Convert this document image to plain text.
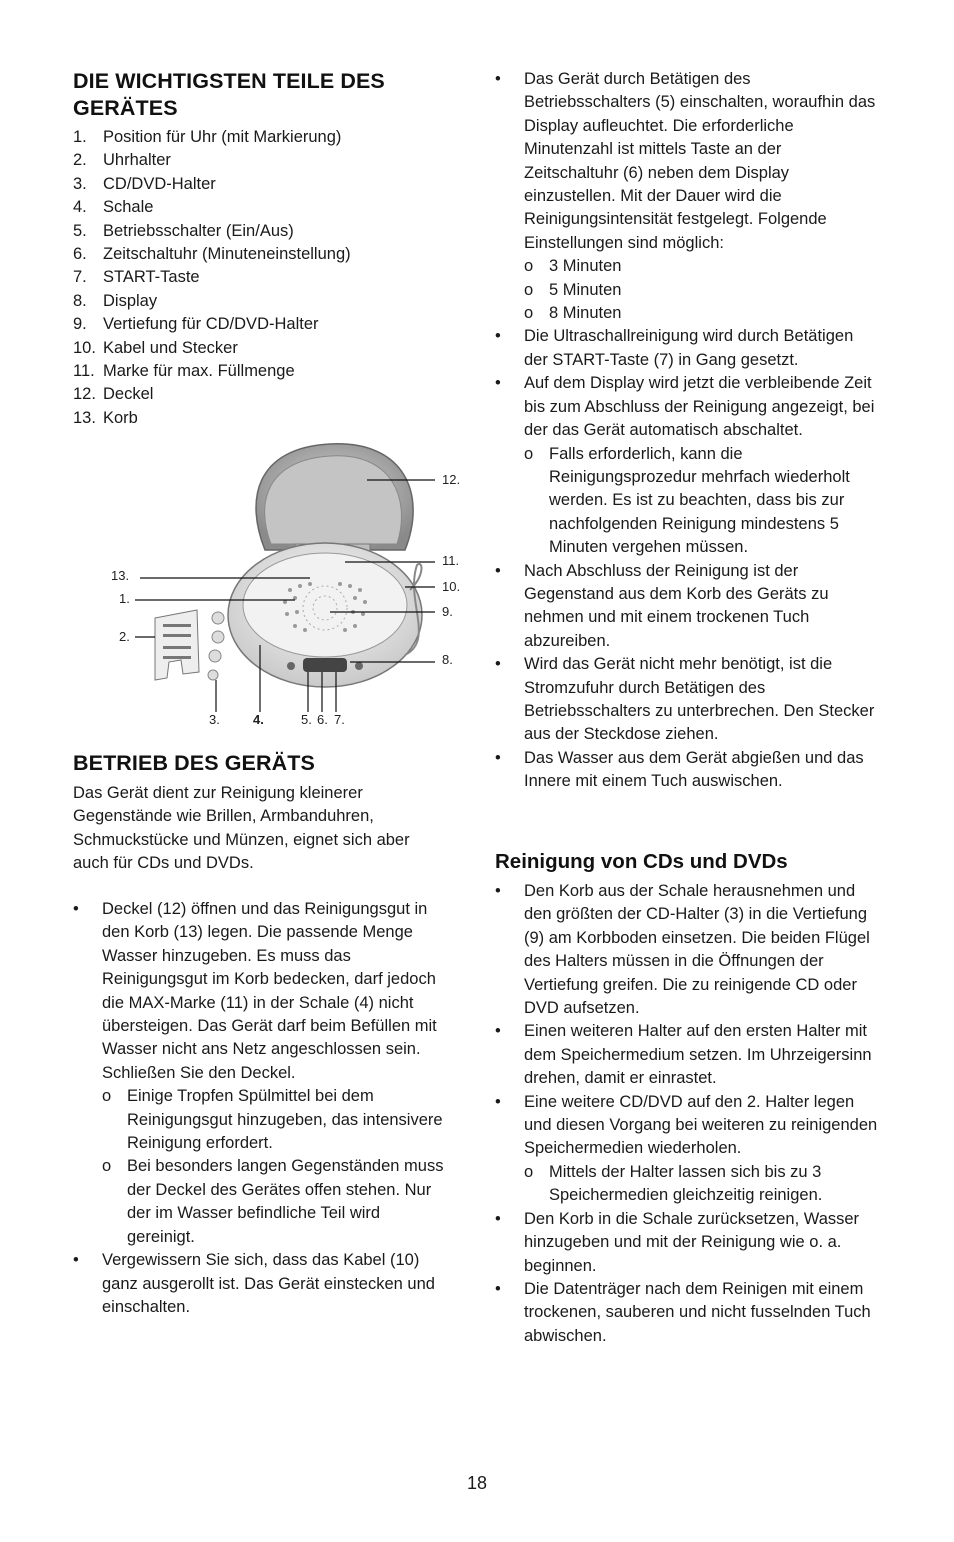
DIE WICHTIGSTEN TEILE DES GERÄTES
1. Position für Uhr (mit Markierung)
2. Uhrhalter
3. CD/DVD-Halter
4. Schale
5. Betriebsschalter (Ein/Aus)
6. Zeitschaltuhr (Minuteneinstellung)
7. START-Taste
8. Display
9. Vertiefung für CD/DVD-Halter
10. Kabel und Stecker
11. Marke für max. Füllmenge
12. Deckel
13. Korb
BETRIEB DES GERÄTS

Das Gerät dient zur Reinigung kleinerer Gegenstände wie Brillen, Armbanduhren, Schmuckstücke und Münzen, eignet sich aber auch für CDs und DVDs.

•	Deckel (12) öffnen und das Reinigungsgut in den Korb (13) legen. Die passende Menge Wasser hinzugeben. Es muss das Reinigungsgut im Korb bedecken, darf jedoch die MAX-Marke (11) in der Schale (4) nicht übersteigen. Das Gerät darf beim Befüllen mit Wasser nicht ans Netz angeschlossen sein. Schließen Sie den Deckel.
o Einige Tropfen Spülmittel bei dem Reinigungsgut hinzugeben, das intensivere Reinigung erfordert.
o Bei besonders langen Gegenständen muss der Deckel des Gerätes offen stehen. Nur der im Wasser befindliche Teil wird gereinigt.
•	Vergewissern Sie sich, dass das Kabel (10) ganz ausgerollt ist. Das Gerät einstecken und einschalten.
12.
11.
10.
9.
8.
13.
1.
2.
3.	4.	5. 6. 7.
•	Das Gerät durch Betätigen des Betriebsschalters (5) einschalten, woraufhin das Display aufleuchtet. Die erforderliche Minutenzahl ist mittels Taste an der Zeitschaltuhr (6) neben dem Display einzustellen. Mit der Dauer wird die Reinigungsintensität festgelegt. Folgende Einstellungen sind möglich:
o 3 Minuten
o 5 Minuten
o 8 Minuten
•	Die Ultraschallreinigung wird durch Betätigen der START-Taste (7) in Gang gesetzt.
•	Auf dem Display wird jetzt die verbleibende Zeit bis zum Abschluss der Reinigung angezeigt, bei der das Gerät automatisch abschaltet.
o Falls erforderlich, kann die Reinigungsprozedur mehrfach wiederholt werden. Es ist zu beachten, dass bis zur nachfolgenden Reinigung mindestens 5 Minuten vergehen müssen.
•	Nach Abschluss der Reinigung ist der Gegenstand aus dem Korb des Geräts zu nehmen und mit einem trockenen Tuch abzureiben.
•	Wird das Gerät nicht mehr benötigt, ist die Stromzufuhr durch Betätigen des Betriebsschalters zu unterbrechen. Den Stecker aus der Steckdose ziehen.
•	Das Wasser aus dem Gerät abgießen und das Innere mit einem Tuch auswischen.
Reinigung von CDs und DVDs
•	Den Korb aus der Schale herausnehmen und den größten der CD-Halter (3) in die Vertiefung (9) am Korbboden einsetzen. Die beiden Flügel des Halters müssen in die Öffnungen der Vertiefung greifen. Die zu reinigende CD oder DVD aufsetzen.
•	Einen weiteren Halter auf den ersten Halter mit dem Speichermedium setzen. Im Uhrzeigersinn drehen, damit er einrastet.
•	Eine weitere CD/DVD auf den 2. Halter legen und diesen Vorgang bei weiteren zu reinigenden Speichermedien wiederholen.
o Mittels der Halter lassen sich bis zu 3 Speichermedien gleichzeitig reinigen.
•	Den Korb in die Schale zurücksetzen, Wasser hinzugeben und mit der Reinigung wie o. a. beginnen.
•	Die Datenträger nach dem Reinigen mit einem trockenen, sauberen und nicht fusselnden Tuch abwischen.
18
